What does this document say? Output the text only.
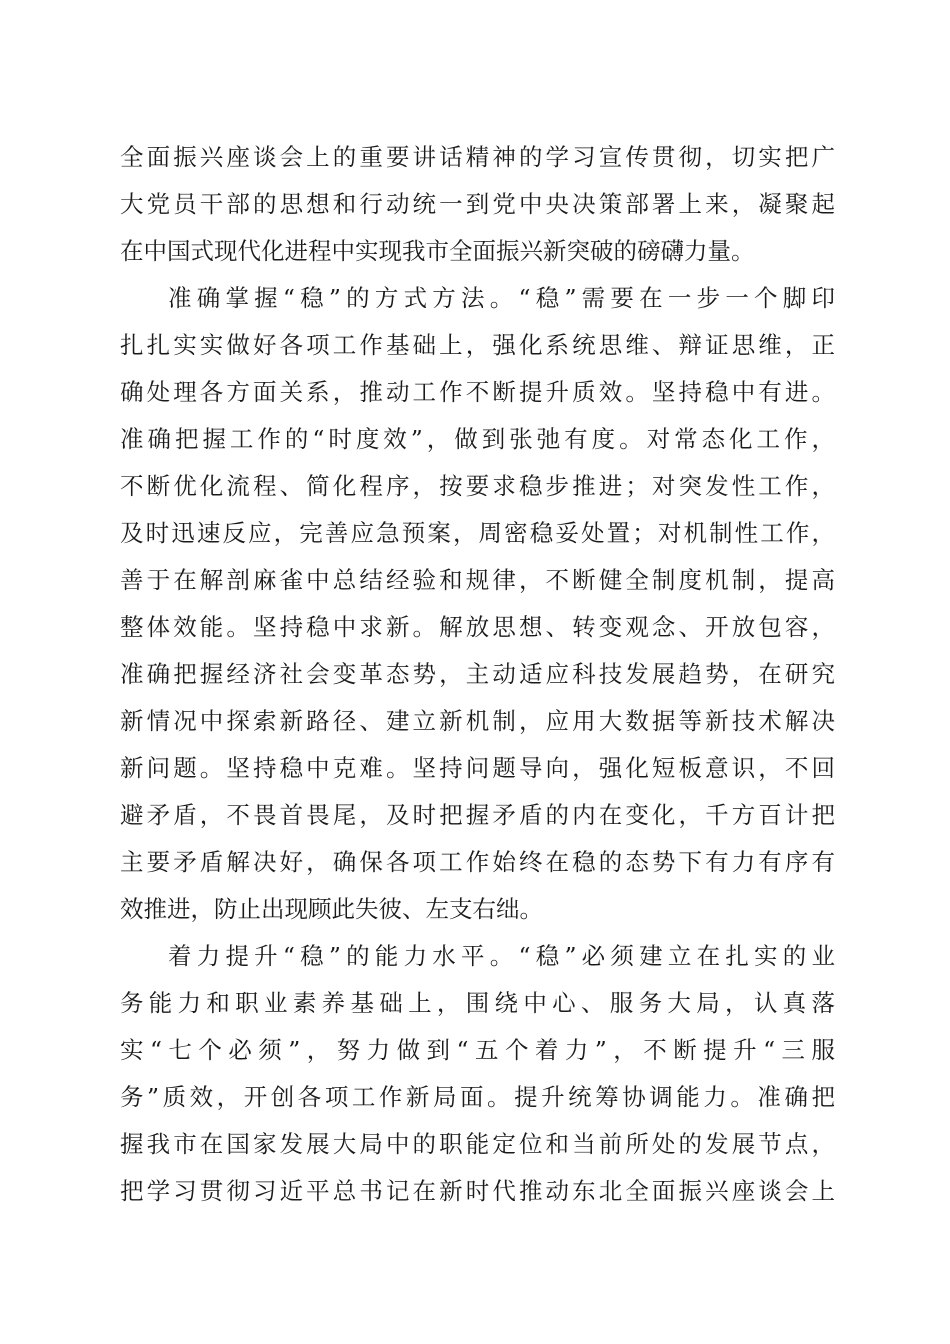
全面振兴座谈会上的重要讲话精神的学习宣传贯彻，切实把广
大党员干部的思想和行动统一到党中央决策部署上来，凝聚起
在中国式现代化进程中实现我市全面振兴新突破的磅礴力量。
准确掌握“稳”的方式方法。“稳”需要在一步一个脚印
扎扎实实做好各项工作基础上，强化系统思维、辩证思维，正
确处理各方面关系，推动工作不断提升质效。坚持稳中有进。
准确把握工作的“时度效”，做到张弛有度。对常态化工作，
不断优化流程、简化程序，按要求稳步推进；对突发性工作，
及时迅速反应，完善应急预案，周密稳妥处置；对机制性工作，
善于在解剖麻雀中总结经验和规律，不断健全制度机制，提高
整体效能。坚持稳中求新。解放思想、转变观念、开放包容，
准确把握经济社会变革态势，主动适应科技发展趋势，在研究
新情况中探索新路径、建立新机制，应用大数据等新技术解决
新问题。坚持稳中克难。坚持问题导向，强化短板意识，不回
避矛盾，不畏首畏尾，及时把握矛盾的内在变化，千方百计把
主要矛盾解决好，确保各项工作始终在稳的态势下有力有序有
效推进，防止出现顾此失彼、左支右绌。
着力提升“稳”的能力水平。“稳”必须建立在扎实的业
务能力和职业素养基础上，围绕中心、服务大局，认真落
实“七个必须”，努力做到“五个着力”，不断提升“三服
务”质效，开创各项工作新局面。提升统筹协调能力。准确把
握我市在国家发展大局中的职能定位和当前所处的发展节点，
把学习贯彻习近平总书记在新时代推动东北全面振兴座谈会上
